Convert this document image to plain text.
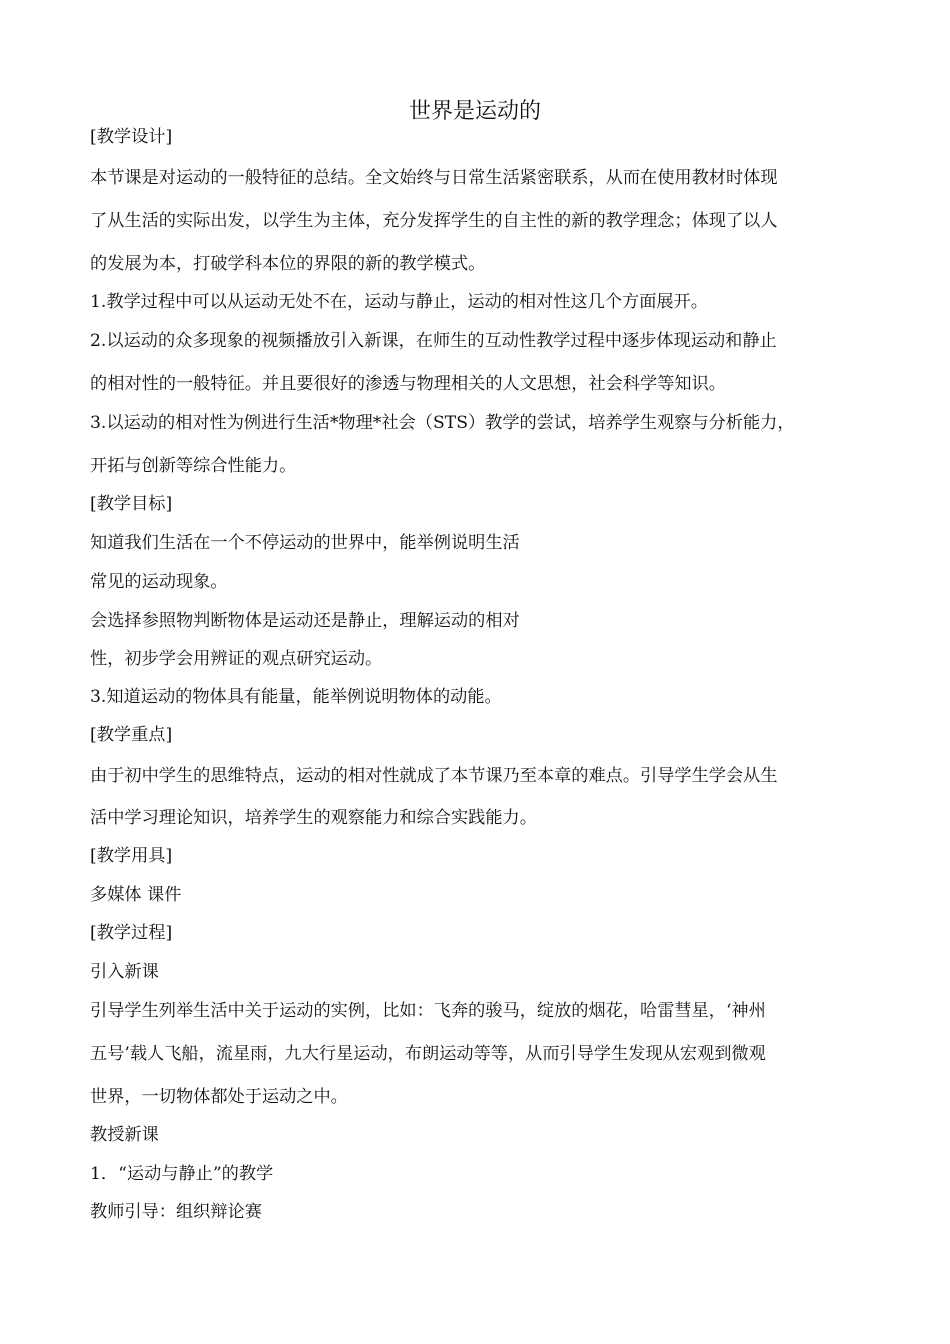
世界是运动的
[教学设计]
本节课是对运动的一般特征的总结。全文始终与日常生活紧密联系，从而在使用教材时体现
了从生活的实际出发，以学生为主体，充分发挥学生的自主性的新的教学理念；体现了以人
的发展为本，打破学科本位的界限的新的教学模式。
1.教学过程中可以从运动无处不在，运动与静止，运动的相对性这几个方面展开。
2.以运动的众多现象的视频播放引入新课，在师生的互动性教学过程中逐步体现运动和静止
的相对性的一般特征。并且要很好的渗透与物理相关的人文思想，社会科学等知识。
3.以运动的相对性为例进行生活*物理*社会（STS）教学的尝试，培养学生观察与分析能力，
开拓与创新等综合性能力。
[教学目标]
知道我们生活在一个不停运动的世界中，能举例说明生活
常见的运动现象。
会选择参照物判断物体是运动还是静止，理解运动的相对
性，初步学会用辨证的观点研究运动。
3.知道运动的物体具有能量，能举例说明物体的动能。
[教学重点]
由于初中学生的思维特点，运动的相对性就成了本节课乃至本章的难点。引导学生学会从生
活中学习理论知识，培养学生的观察能力和综合实践能力。
[教学用具]
多媒体 课件
[教学过程]
引入新课
引导学生列举生活中关于运动的实例，比如：飞奔的骏马，绽放的烟花，哈雷彗星，‘神州
五号’载人飞船，流星雨，九大行星运动，布朗运动等等，从而引导学生发现从宏观到微观
世界，一切物体都处于运动之中。
教授新课
1．“运动与静止”的教学
教师引导：组织辩论赛
